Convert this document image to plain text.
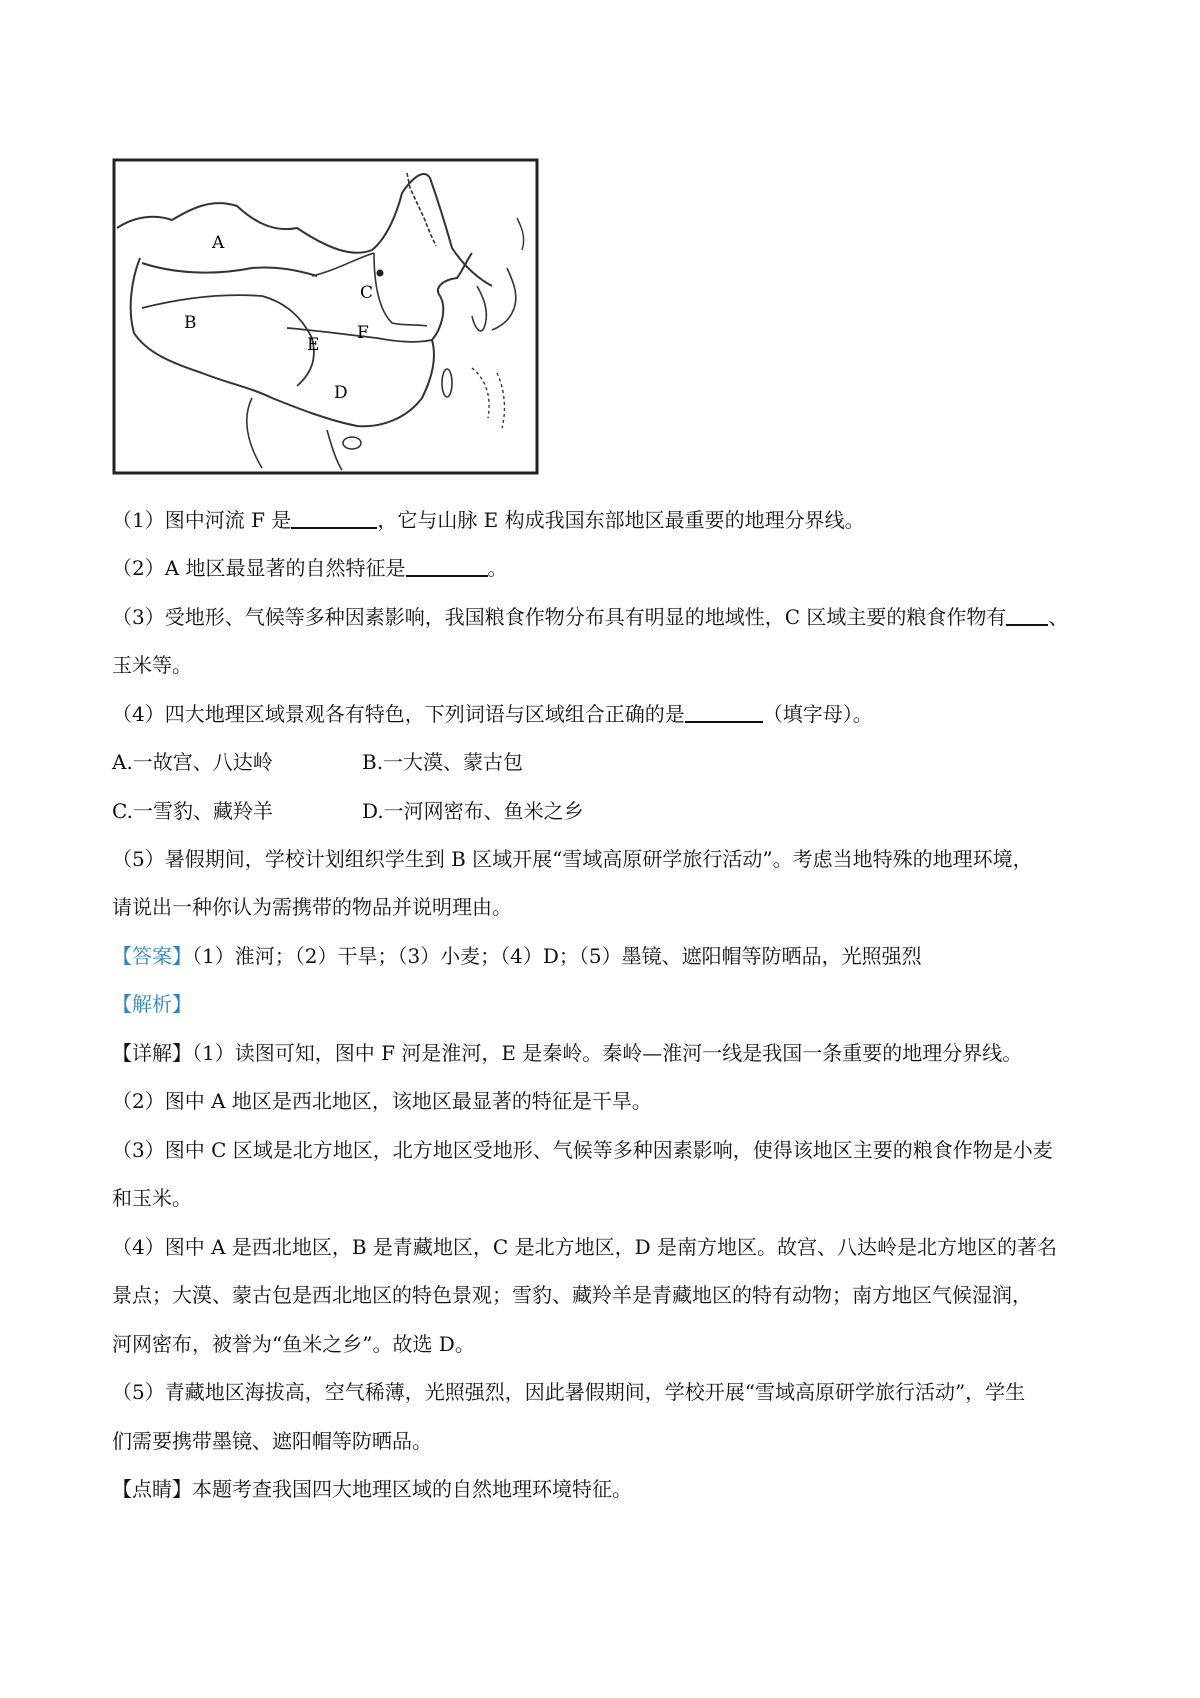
A
B
C
D
E
F
（1）图中河流 F 是	，它与山脉 E 构成我国东部地区最重要的地理分界线。
（2）A 地区最显著的自然特征是	。
（3）受地形、气候等多种因素影响，我国粮食作物分布具有明显的地域性，C 区域主要的粮食作物有 、
玉米等。
（4）四大地理区域景观各有特色，下列词语与区域组合正确的是	（填字母）。
A.一故宫、八达岭	B.一大漠、蒙古包
C.一雪豹、藏羚羊	D.一河网密布、鱼米之乡
（5）暑假期间，学校计划组织学生到 B 区域开展“雪域高原研学旅行活动”。考虑当地特殊的地理环境，
请说出一种你认为需携带的物品并说明理由。
【答案】（1）淮河；（2）干旱；（3）小麦；（4）D；（5）墨镜、遮阳帽等防晒品，光照强烈
【解析】
【详解】（1）读图可知，图中 F 河是淮河，E 是秦岭。秦岭—淮河一线是我国一条重要的地理分界线。
（2）图中 A 地区是西北地区，该地区最显著的特征是干旱。
（3）图中 C 区域是北方地区，北方地区受地形、气候等多种因素影响，使得该地区主要的粮食作物是小麦
和玉米。
（4）图中 A 是西北地区，B 是青藏地区，C 是北方地区，D 是南方地区。故宫、八达岭是北方地区的著名
景点；大漠、蒙古包是西北地区的特色景观；雪豹、藏羚羊是青藏地区的特有动物；南方地区气候湿润，
河网密布，被誉为“鱼米之乡”。故选 D。
（5）青藏地区海拔高，空气稀薄，光照强烈，因此暑假期间，学校开展“雪域高原研学旅行活动”，学生
们需要携带墨镜、遮阳帽等防晒品。
【点睛】本题考查我国四大地理区域的自然地理环境特征。
